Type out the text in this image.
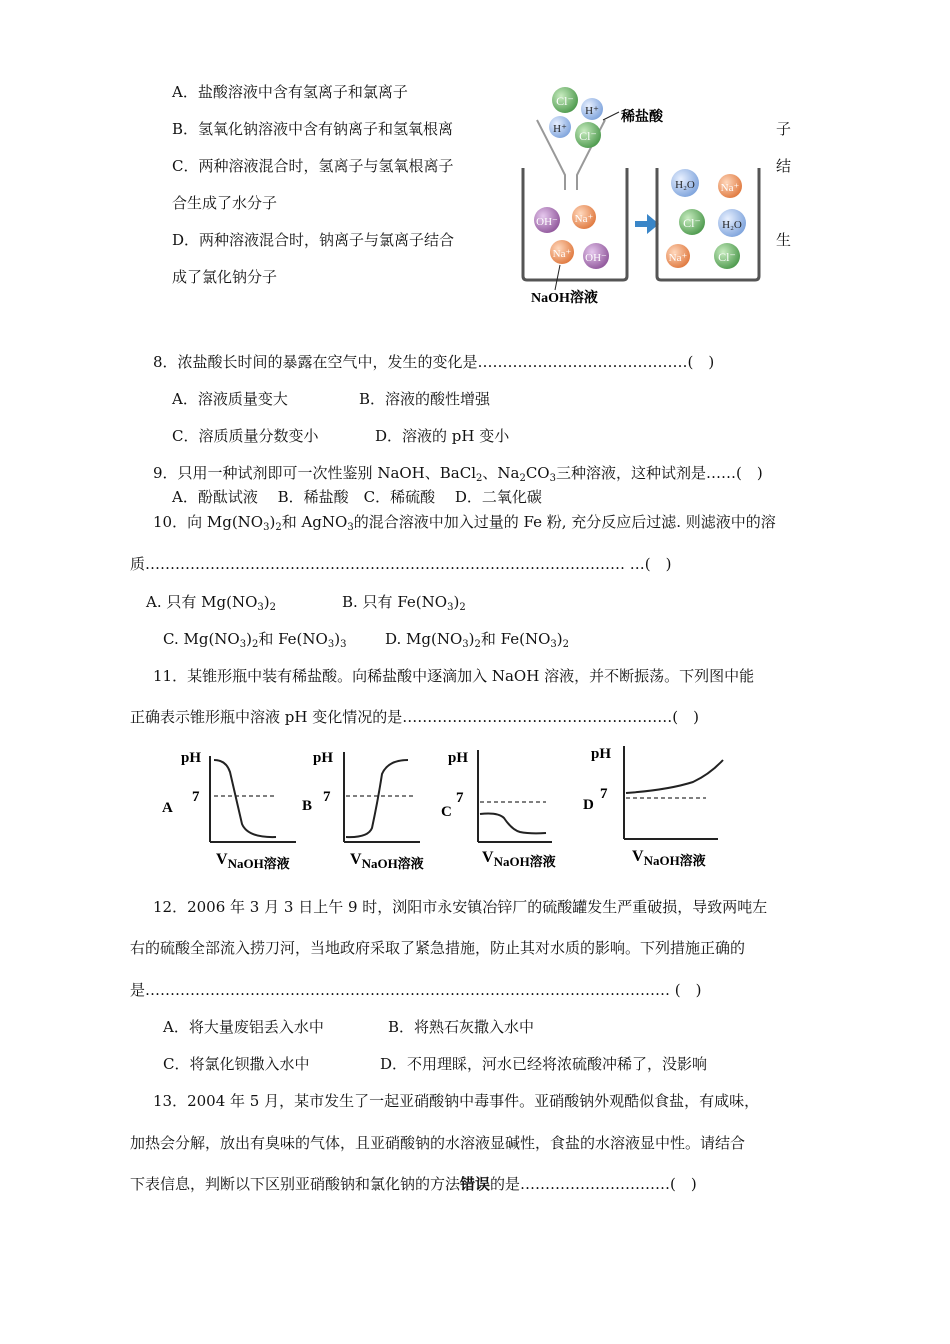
A．盐酸溶液中含有氢离子和氯离子
B．氢氧化钠溶液中含有钠离子和氢氧根离	子
C．两种溶液混合时，氢离子与氢氧根离子	结
合生成了水分子
D．两种溶液混合时，钠离子与氯离子结合	生
成了氯化钠分子
Cl⁻
H⁺
H⁺ Cl⁻
稀盐酸
OH⁻ Na⁺
Na⁺ OH⁻
NaOH溶液
H₂O Na⁺
Cl⁻ H₂O
Na⁺	Cl⁻
8．浓盐酸长时间的暴露在空气中，发生的变化是……………………………………(　)
A．溶液质量变大	B．溶液的酸性增强
C．溶质质量分数变小	D．溶液的 pH 变小
9．只用一种试剂即可一次性鉴别 NaOH、BaCl$_2$、$Na_2CO_3$三种溶液，这种试剂是……(　)
A．酚酞试液　 B．稀盐酸　C．稀硫酸　 D．二氧化碳
10．向 $Mg(NO_3)_2$和 AgNO$_3$的混合溶液中加入过量的 Fe 粉, 充分反应后过滤. 则滤液中的溶
质…………………………………………………………………………………… …(　)
A. 只有 $Mg(NO_3)_2$	B. 只有 $Fe(NO_3)_2$
C. $Mg(NO_3)_2$和 $Fe(NO_3)_3$	D. $Mg(NO_3)_2$和 $Fe(NO_3)_2$
11．某锥形瓶中装有稀盐酸。向稀盐酸中逐滴加入 NaOH 溶液，并不断振荡。下列图中能
正确表示锥形瓶中溶液 pH 变化情况的是………………………………………………(　)
pH
A
7
$V_{NaOH溶液}$
pH
B
7
$V_{NaOH溶液}$
pH
C
7
$V_{NaOH溶液}$
pH
D
7
$V_{NaOH溶液}$
12．2006 年 3 月 3 日上午 9 时，浏阳市永安镇冶锌厂的硫酸罐发生严重破损，导致两吨左
右的硫酸全部流入捞刀河，当地政府采取了紧急措施，防止其对水质的影响。下列措施正确的
是…………………………………………………………………………………………… (　)
A．将大量废铝丢入水中	B．将熟石灰撒入水中
C．将氯化钡撒入水中	D．不用理睬，河水已经将浓硫酸冲稀了，没影响
13．2004 年 5 月，某市发生了一起亚硝酸钠中毒事件。亚硝酸钠外观酷似食盐，有咸味，
加热会分解，放出有臭味的气体，且亚硝酸钠的水溶液显碱性，食盐的水溶液显中性。请结合
下表信息，判断以下区别亚硝酸钠和氯化钠的方法错误的是…………………………(　)
